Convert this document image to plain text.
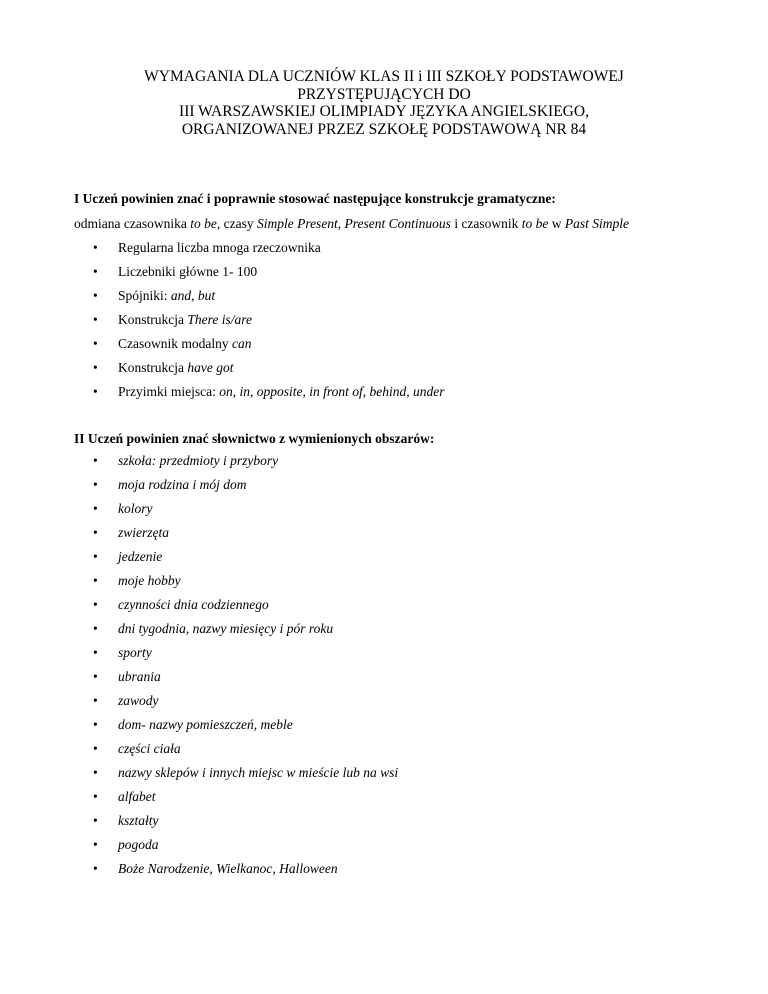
WYMAGANIA DLA UCZNIÓW KLAS II i III SZKOŁY PODSTAWOWEJ
PRZYSTĘPUJĄCYCH DO
III WARSZAWSKIEJ OLIMPIADY JĘZYKA ANGIELSKIEGO,
ORGANIZOWANEJ PRZEZ SZKOŁĘ PODSTAWOWĄ NR 84
I Uczeń powinien znać i poprawnie stosować następujące konstrukcje gramatyczne:
odmiana czasownika to be, czasy Simple Present, Present Continuous i czasownik to be w Past Simple
• Regularna liczba mnoga rzeczownika
• Liczebniki główne 1- 100
• Spójniki: and, but
• Konstrukcja There is/are
• Czasownik modalny can
• Konstrukcja have got
• Przyimki miejsca: on, in, opposite, in front of, behind, under
II Uczeń powinien znać słownictwo z wymienionych obszarów:
• szkoła: przedmioty i przybory
• moja rodzina i mój dom
• kolory
• zwierzęta
• jedzenie
• moje hobby
• czynności dnia codziennego
• dni tygodnia, nazwy miesięcy i pór roku
• sporty
• ubrania
• zawody
• dom- nazwy pomieszczeń, meble
• części ciała
• nazwy sklepów i innych miejsc w mieście lub na wsi
• alfabet
• kształty
• pogoda
• Boże Narodzenie, Wielkanoc, Halloween
